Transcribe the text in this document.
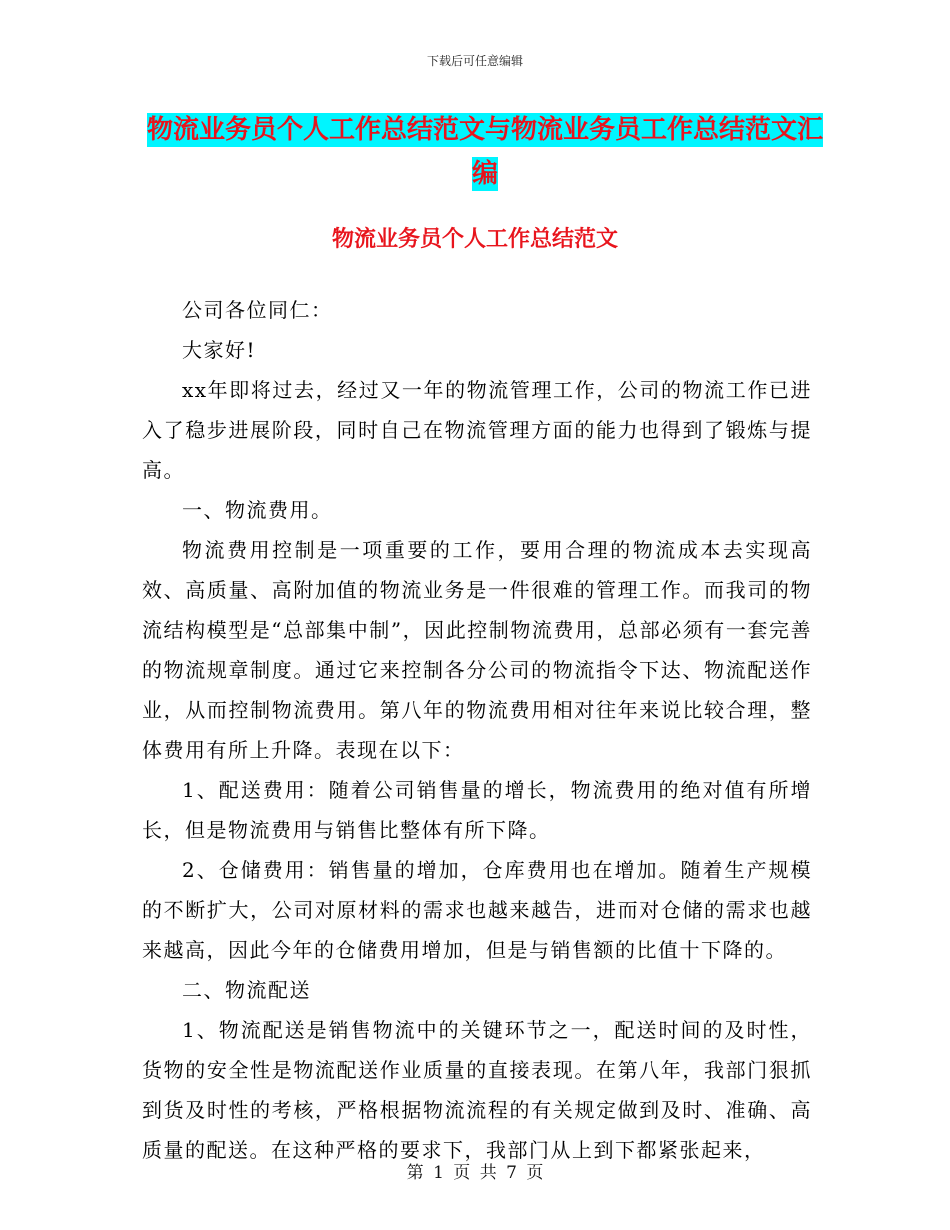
下载后可任意编辑
物流业务员个人工作总结范文与物流业务员工作总结范文汇编
物流业务员个人工作总结范文

公司各位同仁：

大家好!

xx年即将过去，经过又一年的物流管理工作，公司的物流工作已进入了稳步进展阶段，同时自己在物流管理方面的能力也得到了锻炼与提高。

一、物流费用。

物流费用控制是一项重要的工作，要用合理的物流成本去实现高效、高质量、高附加值的物流业务是一件很难的管理工作。而我司的物流结构模型是“总部集中制”，因此控制物流费用，总部必须有一套完善的物流规章制度。通过它来控制各分公司的物流指令下达、物流配送作业，从而控制物流费用。第八年的物流费用相对往年来说比较合理，整体费用有所上升降。表现在以下：

1、配送费用：随着公司销售量的增长，物流费用的绝对值有所增长，但是物流费用与销售比整体有所下降。

2、仓储费用：销售量的增加，仓库费用也在增加。随着生产规模的不断扩大，公司对原材料的需求也越来越告，进而对仓储的需求也越来越高，因此今年的仓储费用增加，但是与销售额的比值十下降的。

二、物流配送

1、物流配送是销售物流中的关键环节之一，配送时间的及时性，货物的安全性是物流配送作业质量的直接表现。在第八年，我部门狠抓到货及时性的考核，严格根据物流流程的有关规定做到及时、准确、高质量的配送。在这种严格的要求下，我部门从上到下都紧张起来，

第 1 页 共 7 页
